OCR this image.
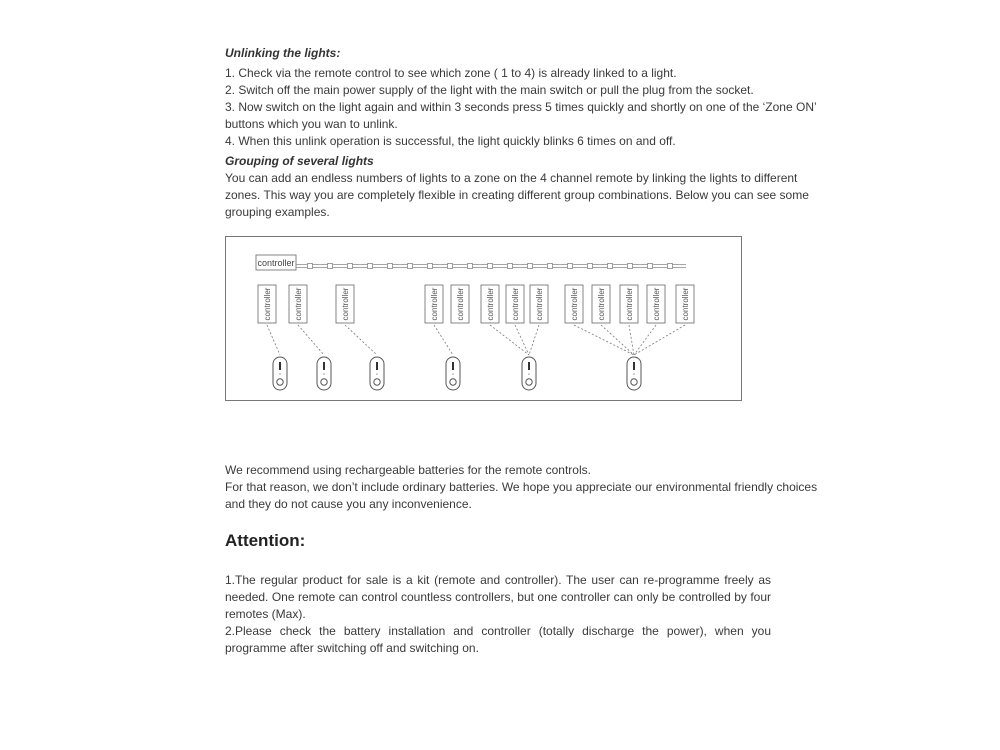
Unlinking the lights:

1. Check via the remote control to see which zone ( 1 to 4) is already linked to a light.

2. Switch off the main power supply of the light with the main switch or pull the plug from the socket.

3. Now switch on the light again and within 3 seconds press 5 times quickly and shortly on one of the ‘Zone ON’

buttons which you wan to unlink.

4. When this unlink operation is successful, the light quickly blinks 6 times on and off.

Grouping of several lights

You can add an endless numbers of lights to a zone on the 4 channel remote by linking the lights to different

zones. This way you are completely flexible in creating different group combinations. Below you can see some

grouping examples.

controller
controller	controller	controller	controller controller	controller controller controller	controller controller controller controller	controller

We recommend using rechargeable batteries for the remote controls.

For that reason, we don’t include ordinary batteries. We hope you appreciate our environmental friendly choices

and they do not cause you any inconvenience.

Attention:

1.The regular product for sale is a kit (remote and controller). The user can re-programme freely as needed. One remote can control countless controllers, but one controller can only be controlled by four remotes (Max).

2.Please check the battery installation and controller (totally discharge the power), when you programme after switching off and switching on.
